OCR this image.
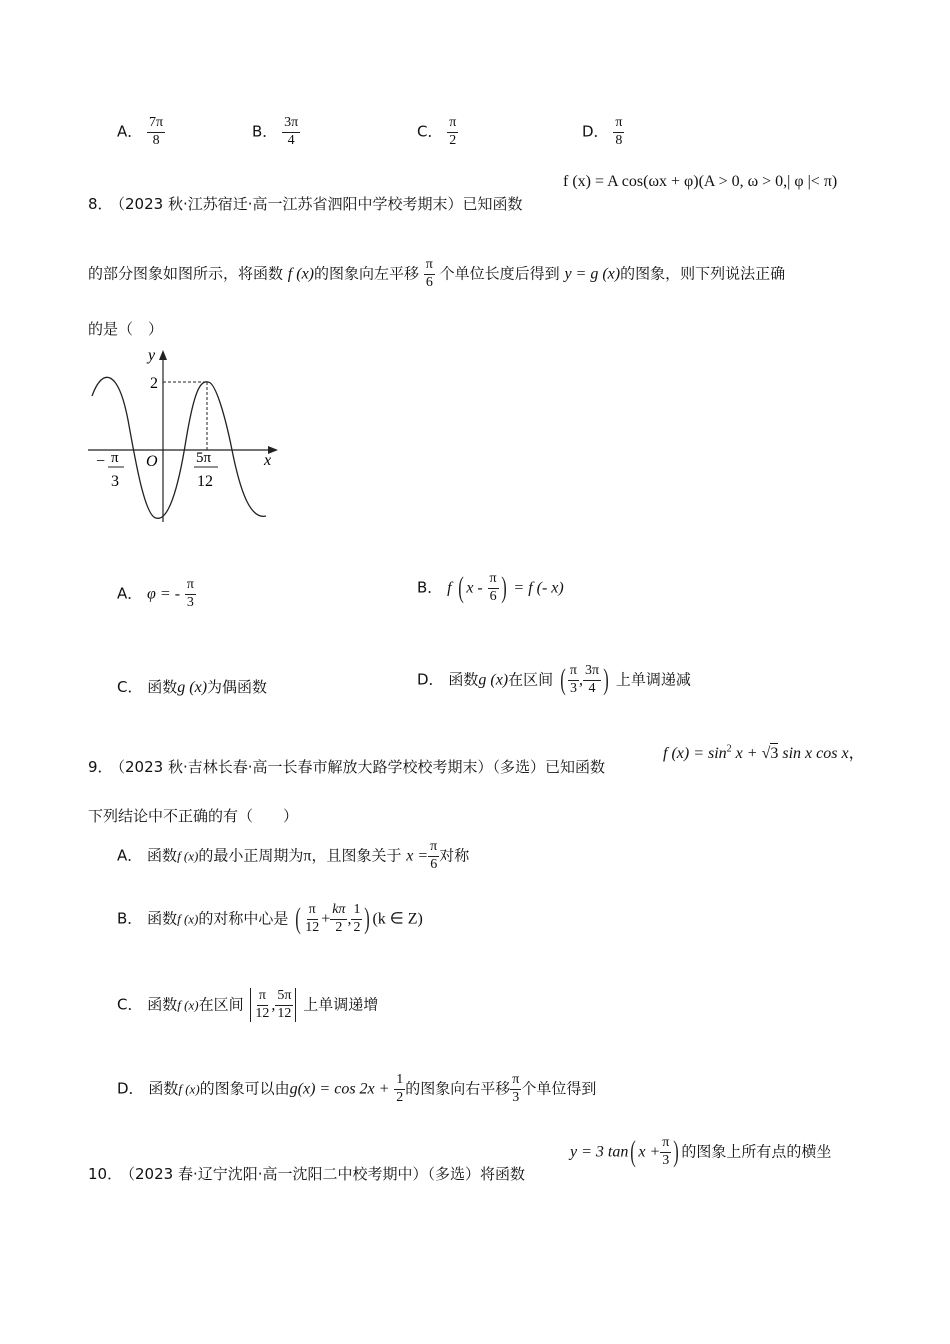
A． $\frac{7\pi}{8}$	B． $\frac{3\pi}{4}$	C． $\frac{\pi}{2}$	D． $\frac{\pi}{8}$
8．
（2023 秋·江苏宿迁·高一江苏省泗阳中学校考期末）已知函数
f (x) = A cos(ωx + φ)(A > 0, ω > 0,| φ |< π)
的部分图象如图所示，将函数 f (x)的图象向左平移 $\frac{\pi}{6}$ 个单位长度后得到 y = g (x)的图象，则下列说法正确
的是（　）
y
x
O
2
− π
3
5π
12
A． φ = - $\frac{\pi}{3}$	B． f ( x - $\frac{\pi}{6}$ ) = f (- x)
C． 函数g (x)为偶函数	D． 函数g (x)在区间 ( $\frac{\pi}{3}$ , $\frac{3\pi}{4}$ ) 上单调递减
9．
（2023 秋·吉林长春·高一长春市解放大路学校校考期末）（多选）已知函数
f $(x) = \sin^2 x + √3$ sin x cos x，
下列结论中不正确的有（　　）
A． 函数f (x)的最小正周期为π，且图象关于 $x = \frac{\pi}{6}$ 对称
B． 函数f (x)的对称中心是 ( $\frac{\pi}{12} + \frac{k\pi}{2}$ , $\frac{1}{2}$ ) (k ∈ Z)
C． 函数f (x)在区间 $\frac{\pi}{12}$ , $\frac{5\pi}{12}$ 上单调递增
D． 函数f (x)的图象可以由$g(x) = \cos 2x + \frac{1}{2}$ 的图象向右平移 $\frac{\pi}{3}$ 个单位得到
10．
（2023 春·辽宁沈阳·高一沈阳二中校考期中）（多选）将函数
y = 3 tan( $x + \frac{\pi}{3}$ ) 的图象上所有点的横坐
